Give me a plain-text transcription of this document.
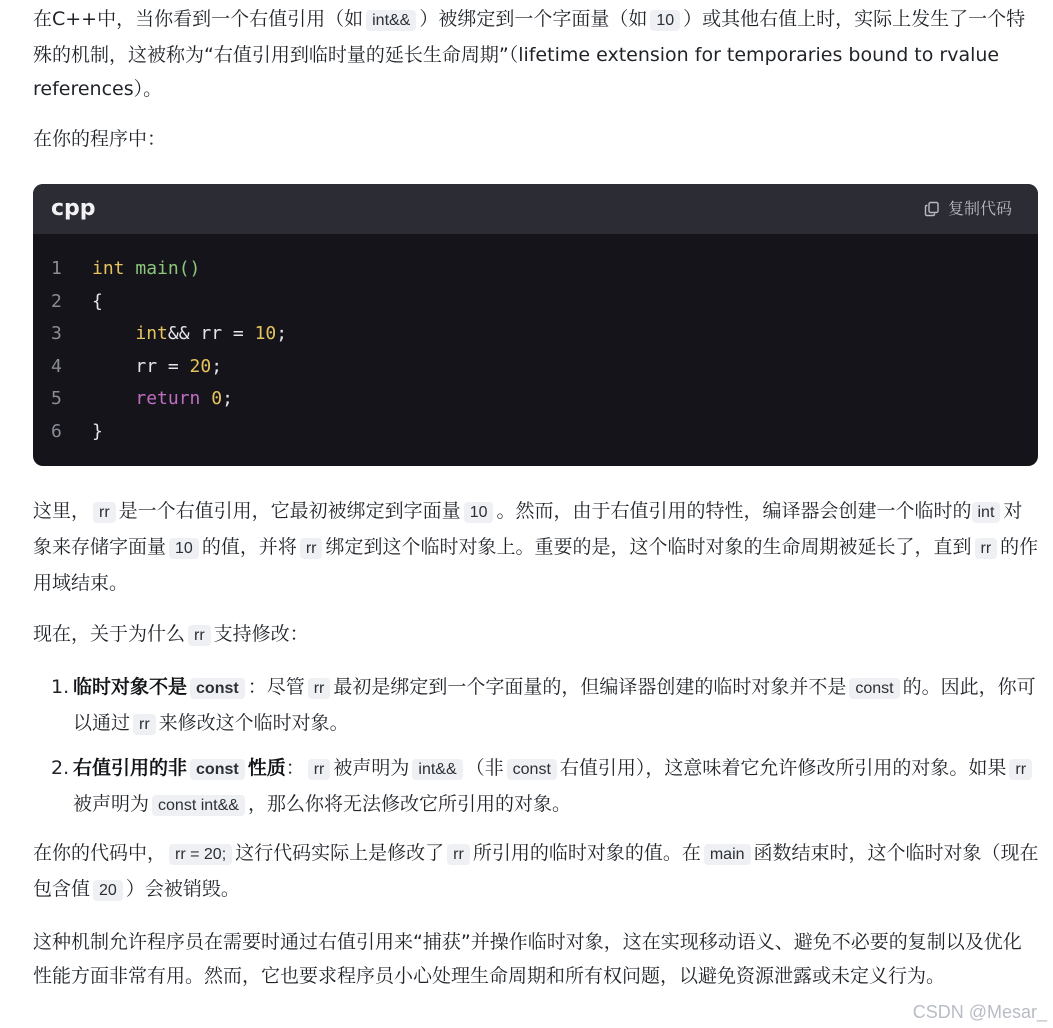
在C++中，当你看到一个右值引用（如 int&& ）被绑定到一个字面量（如 10 ）或其他右值上时，实际上发生了一个特殊的机制，这被称为“右值引用到临时量的延长生命周期”（lifetime extension for temporaries bound to rvalue references）。

在你的程序中：

cpp	复制代码
1 int main()
2 {
3	int&& rr = 10;
4	rr = 20;
5	return 0;
6 }

这里， rr 是一个右值引用，它最初被绑定到字面量 10 。然而，由于右值引用的特性，编译器会创建一个临时的 int 对象来存储字面量 10 的值，并将 rr 绑定到这个临时对象上。重要的是，这个临时对象的生命周期被延长了，直到 rr 的作用域结束。

现在，关于为什么 rr 支持修改：

1. 临时对象不是 const ：尽管 rr 最初是绑定到一个字面量的，但编译器创建的临时对象并不是 const 的。因此，你可以通过 rr 来修改这个临时对象。
2. 右值引用的非 const 性质： rr 被声明为 int&& （非 const 右值引用），这意味着它允许修改所引用的对象。如果 rr被声明为 const int&& ，那么你将无法修改它所引用的对象。

在你的代码中， rr = 20; 这行代码实际上是修改了 rr 所引用的临时对象的值。在 main 函数结束时，这个临时对象（现在包含值 20 ）会被销毁。

这种机制允许程序员在需要时通过右值引用来“捕获”并操作临时对象，这在实现移动语义、避免不必要的复制以及优化性能方面非常有用。然而，它也要求程序员小心处理生命周期和所有权问题，以避免资源泄露或未定义行为。

CSDN @Mesar_
